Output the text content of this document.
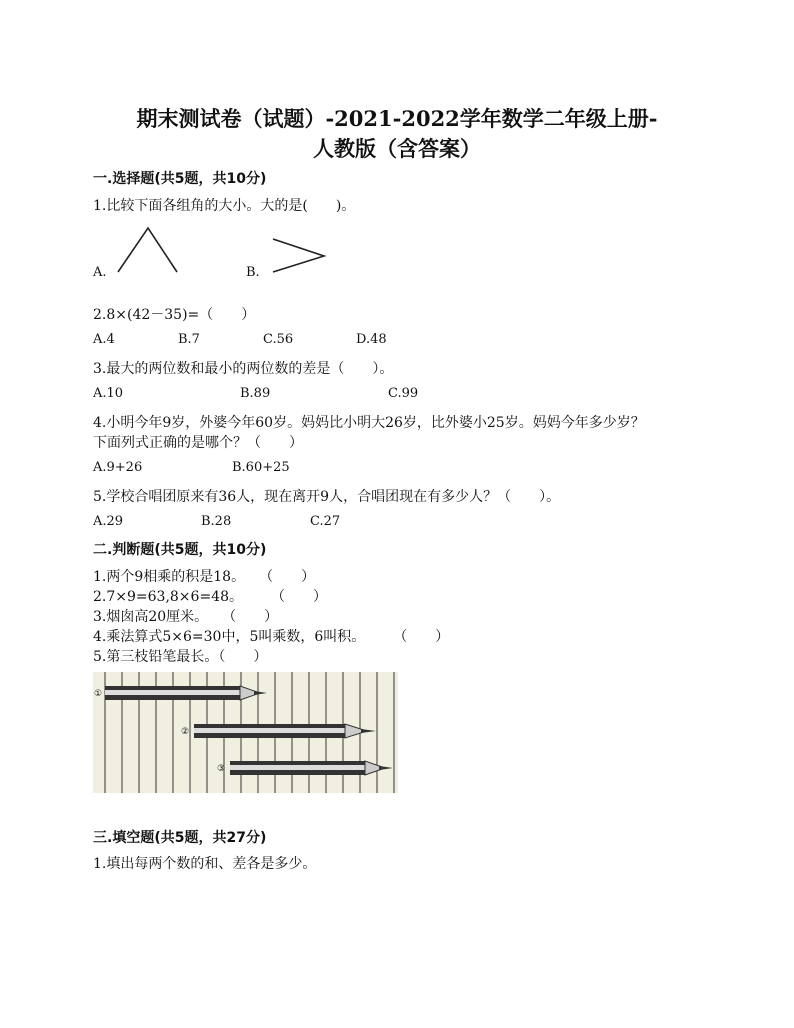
期末测试卷（试题）-2021-2022学年数学二年级上册-
人教版（含答案）
一.选择题(共5题，共10分)
1.比较下面各组角的大小。大的是(　　)。
A.	B.
2.8×(42－35)=（　　）
A.4	B.7	C.56	D.48
3.最大的两位数和最小的两位数的差是（　　）。
A.10	B.89	C.99
4.小明今年9岁，外婆今年60岁。妈妈比小明大26岁，比外婆小25岁。妈妈今年多少岁？
下面列式正确的是哪个？（　　）
A.9+26	B.60+25
5.学校合唱团原来有36人，现在离开9人，合唱团现在有多少人？（　　）。
A.29	B.28	C.27
二.判断题(共5题，共10分)
1.两个9相乘的积是18。　　（　　）
2.7×9=63,8×6=48。　　　（　　）
3.烟囱高20厘米。　　（　　）
4.乘法算式5×6=30中，5叫乘数，6叫积。　　　（　　）
5.第三枝铅笔最长。（　　）
①
②
③
三.填空题(共5题，共27分)
1.填出每两个数的和、差各是多少。
